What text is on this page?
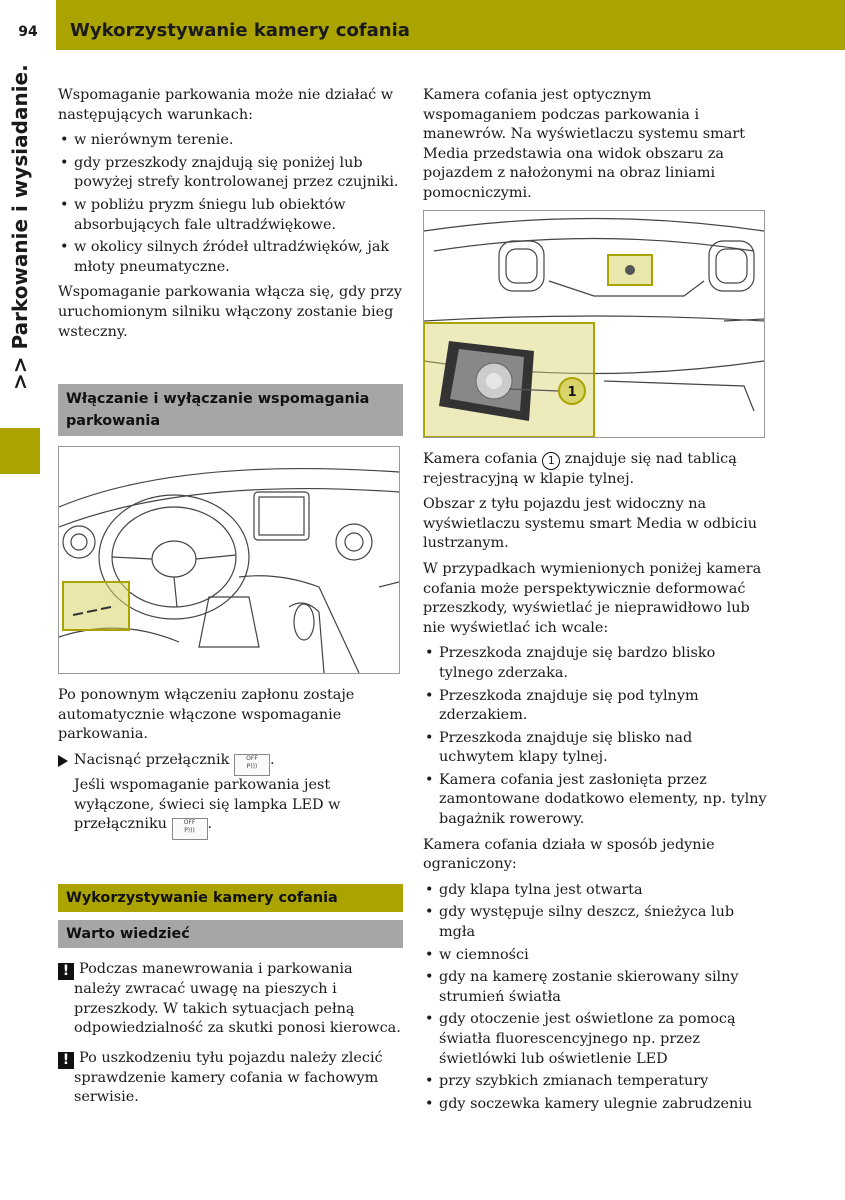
94	Wykorzystywanie kamery cofania
>> Parkowanie i wysiadanie. Wspomaganie parkowania może nie działać w następujących warunkach:

• w nierównym terenie.
• gdy przeszkody znajdują się poniżej lub powyżej strefy kontrolowanej przez czujniki.
• w pobliżu pryzm śniegu lub obiektów absorbujących fale ultradźwiękowe.
• w okolicy silnych źródeł ultradźwięków, jak młoty pneumatyczne.

Wspomaganie parkowania włącza się, gdy przy uruchomionym silniku włączony zostanie bieg wsteczny.

Włączanie i wyłączanie wspomagania parkowania

Po ponownym włączeniu zapłonu zostaje automatycznie włączone wspomaganie parkowania.

Nacisnąć przełącznik	OFF
P))) .
Jeśli wspomaganie parkowania jest wyłączone, świeci się lampka LED w przełączniku	OFF
P))) .
Wykorzystywanie kamery cofania
Warto wiedzieć
! Podczas manewrowania i parkowania należy zwracać uwagę na pieszych i przeszkody. W takich sytuacjach pełną odpowiedzialność za skutki ponosi kierowca.
! Po uszkodzeniu tyłu pojazdu należy zlecić sprawdzenie kamery cofania w fachowym serwisie.

Kamera cofania jest optycznym wspomaganiem podczas parkowania i manewrów. Na wyświetlaczu systemu smart Media przedstawia ona widok obszaru za pojazdem z nałożonymi na obraz liniami pomocniczymi.

1

Kamera cofania 1 znajduje się nad tablicą rejestracyjną w klapie tylnej.

Obszar z tyłu pojazdu jest widoczny na wyświetlaczu systemu smart Media w odbiciu lustrzanym.

W przypadkach wymienionych poniżej kamera cofania może perspektywicznie deformować przeszkody, wyświetlać je nieprawidłowo lub nie wyświetlać ich wcale:

• Przeszkoda znajduje się bardzo blisko tylnego zderzaka.
• Przeszkoda znajduje się pod tylnym zderzakiem.
• Przeszkoda znajduje się blisko nad uchwytem klapy tylnej.
• Kamera cofania jest zasłonięta przez zamontowane dodatkowo elementy, np. tylny bagażnik rowerowy.

Kamera cofania działa w sposób jedynie ograniczony:

• gdy klapa tylna jest otwarta
• gdy występuje silny deszcz, śnieżyca lub mgła
• w ciemności
• gdy na kamerę zostanie skierowany silny strumień światła
• gdy otoczenie jest oświetlone za pomocą światła fluorescencyjnego np. przez świetlówki lub oświetlenie LED
• przy szybkich zmianach temperatury
• gdy soczewka kamery ulegnie zabrudzeniu
